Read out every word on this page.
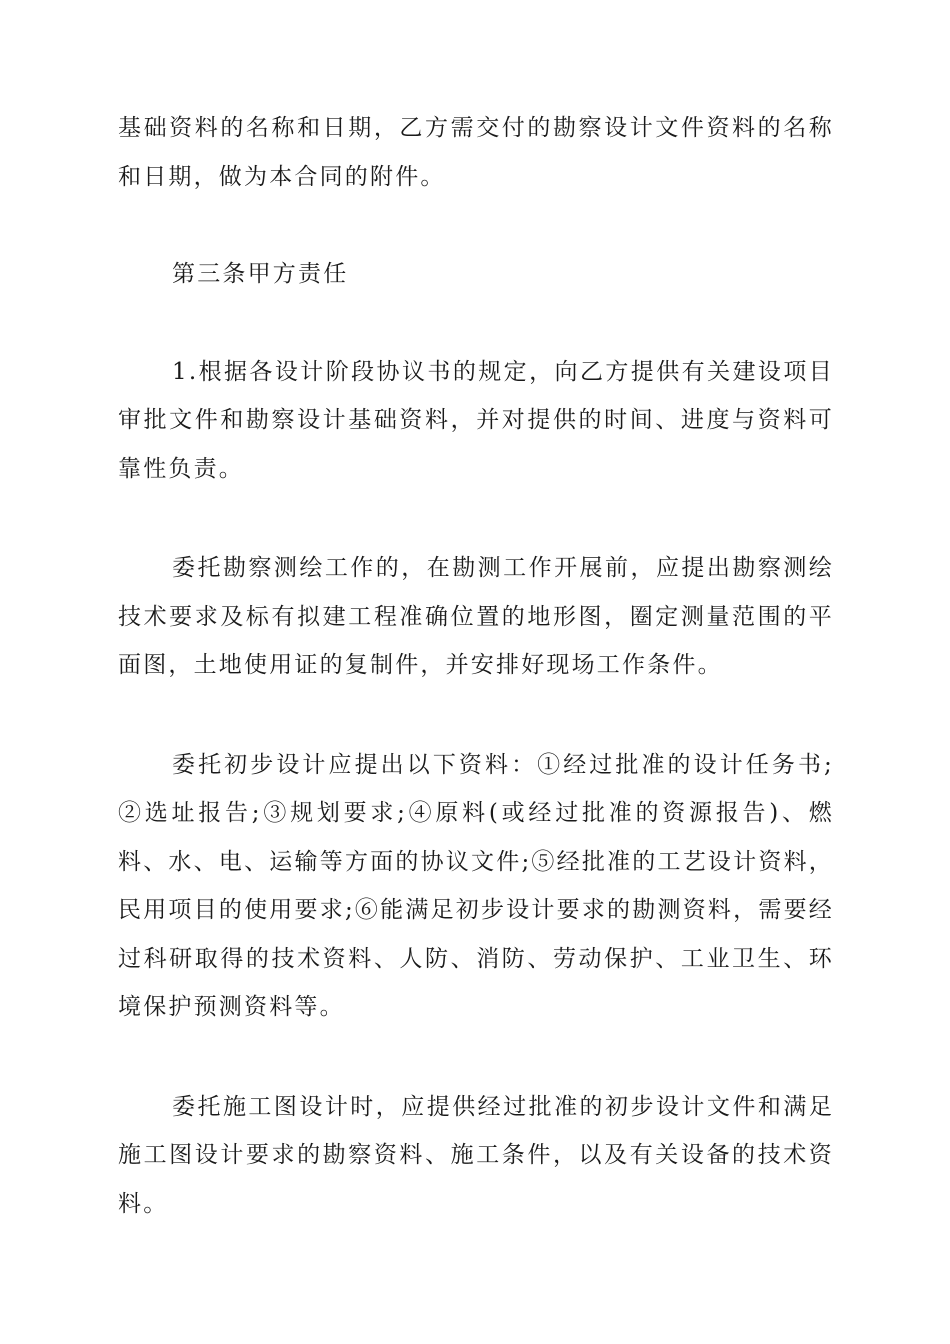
基础资料的名称和日期，乙方需交付的勘察设计文件资料的名称和日期，做为本合同的附件。

第三条甲方责任

1.根据各设计阶段协议书的规定，向乙方提供有关建设项目审批文件和勘察设计基础资料，并对提供的时间、进度与资料可靠性负责。

委托勘察测绘工作的，在勘测工作开展前，应提出勘察测绘技术要求及标有拟建工程准确位置的地形图，圈定测量范围的平面图，土地使用证的复制件，并安排好现场工作条件。

委托初步设计应提出以下资料：①经过批准的设计任务书;②选址报告;③规划要求;④原料(或经过批准的资源报告)、燃料、水、电、运输等方面的协议文件;⑤经批准的工艺设计资料，民用项目的使用要求;⑥能满足初步设计要求的勘测资料，需要经过科研取得的技术资料、人防、消防、劳动保护、工业卫生、环境保护预测资料等。

委托施工图设计时，应提供经过批准的初步设计文件和满足施工图设计要求的勘察资料、施工条件，以及有关设备的技术资料。
